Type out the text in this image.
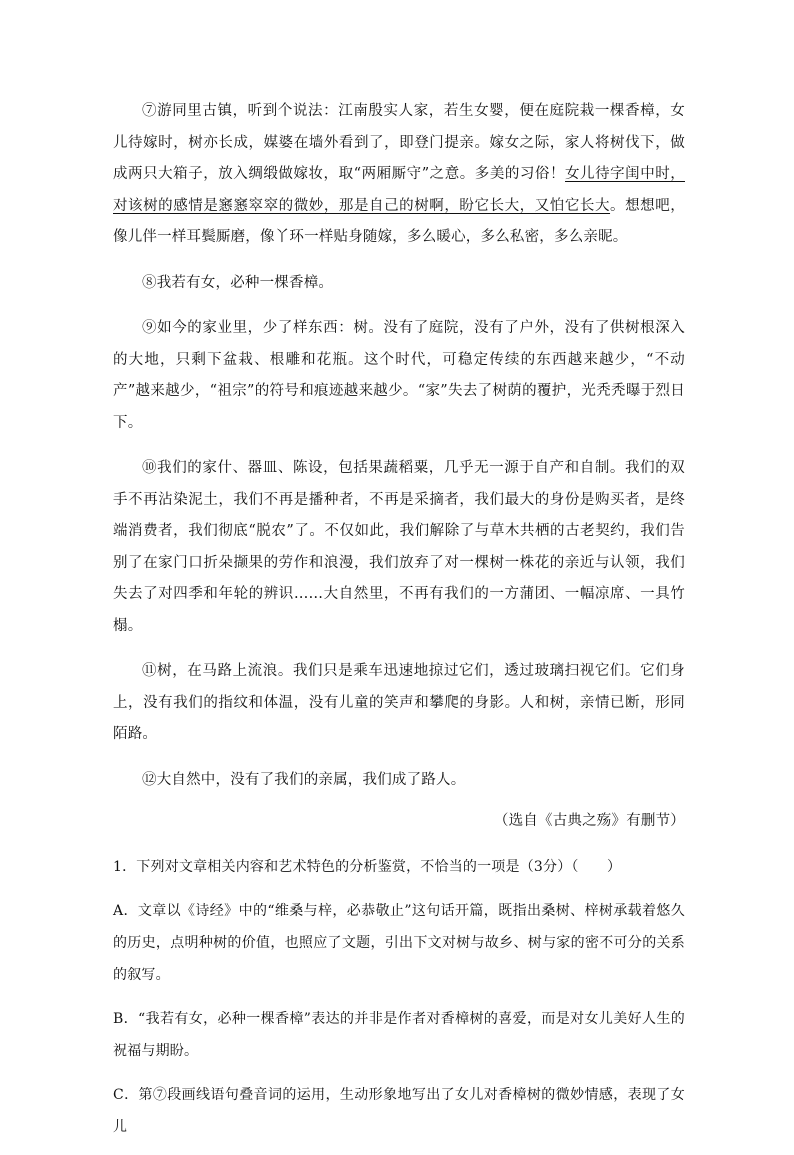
⑦游同里古镇，听到个说法：江南殷实人家，若生女婴，便在庭院栽一棵香樟，女儿待嫁时，树亦长成，媒婆在墙外看到了，即登门提亲。嫁女之际，家人将树伐下，做成两只大箱子，放入绸缎做嫁妆，取“两厢厮守”之意。多美的习俗！女儿待字闺中时，对该树的感情是窸窸窣窣的微妙，那是自己的树啊，盼它长大，又怕它长大。想想吧，像儿伴一样耳鬓厮磨，像丫环一样贴身随嫁，多么暖心，多么私密，多么亲昵。

⑧我若有女，必种一棵香樟。

⑨如今的家业里，少了样东西：树。没有了庭院，没有了户外，没有了供树根深入的大地，只剩下盆栽、根雕和花瓶。这个时代，可稳定传续的东西越来越少，“不动产”越来越少，“祖宗”的符号和痕迹越来越少。“家”失去了树荫的覆护，光秃秃曝于烈日下。

⑩我们的家什、器皿、陈设，包括果蔬稻粟，几乎无一源于自产和自制。我们的双手不再沾染泥土，我们不再是播种者，不再是采摘者，我们最大的身份是购买者，是终端消费者，我们彻底“脱农”了。不仅如此，我们解除了与草木共栖的古老契约，我们告别了在家门口折朵撷果的劳作和浪漫，我们放弃了对一棵树一株花的亲近与认领，我们失去了对四季和年轮的辨识……大自然里，不再有我们的一方蒲团、一幅凉席、一具竹榻。

⑪树，在马路上流浪。我们只是乘车迅速地掠过它们，透过玻璃扫视它们。它们身上，没有我们的指纹和体温，没有儿童的笑声和攀爬的身影。人和树，亲情已断，形同陌路。

⑫大自然中，没有了我们的亲属，我们成了路人。

（选自《古典之殇》有删节）

1．下列对文章相关内容和艺术特色的分析鉴赏，不恰当的一项是（3分）（　　）

A．文章以《诗经》中的“维桑与梓，必恭敬止”这句话开篇，既指出桑树、梓树承载着悠久的历史，点明种树的价值，也照应了文题，引出下文对树与故乡、树与家的密不可分的关系的叙写。

B．“我若有女，必种一棵香樟”表达的并非是作者对香樟树的喜爱，而是对女儿美好人生的祝福与期盼。

C．第⑦段画线语句叠音词的运用，生动形象地写出了女儿对香樟树的微妙情感，表现了女儿
